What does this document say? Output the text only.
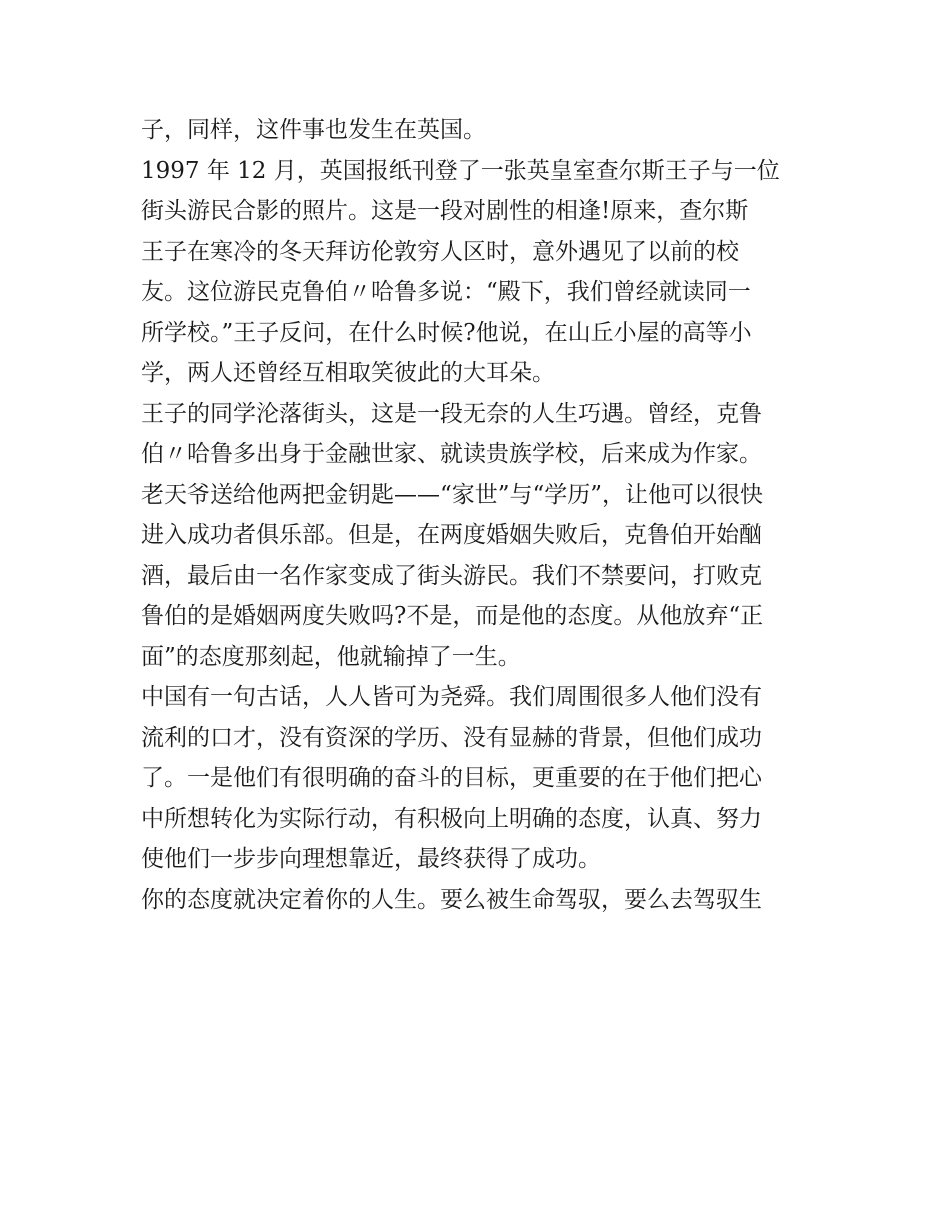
子，同样，这件事也发生在英国。
1997 年 12 月，英国报纸刊登了一张英皇室查尔斯王子与一位
街头游民合影的照片。这是一段对剧性的相逢!原来，查尔斯
王子在寒冷的冬天拜访伦敦穷人区时，意外遇见了以前的校
友。这位游民克鲁伯〃哈鲁多说：“殿下，我们曾经就读同一
所学校。”王子反问，在什么时候?他说，在山丘小屋的高等小
学，两人还曾经互相取笑彼此的大耳朵。
王子的同学沦落街头，这是一段无奈的人生巧遇。曾经，克鲁
伯〃哈鲁多出身于金融世家、就读贵族学校，后来成为作家。
老天爷送给他两把金钥匙——“家世”与“学历”，让他可以很快
进入成功者俱乐部。但是，在两度婚姻失败后，克鲁伯开始酗
酒，最后由一名作家变成了街头游民。我们不禁要问，打败克
鲁伯的是婚姻两度失败吗?不是，而是他的态度。从他放弃“正
面”的态度那刻起，他就输掉了一生。
中国有一句古话，人人皆可为尧舜。我们周围很多人他们没有
流利的口才，没有资深的学历、没有显赫的背景，但他们成功
了。一是他们有很明确的奋斗的目标，更重要的在于他们把心
中所想转化为实际行动，有积极向上明确的态度，认真、努力
使他们一步步向理想靠近，最终获得了成功。
你的态度就决定着你的人生。要么被生命驾驭，要么去驾驭生
